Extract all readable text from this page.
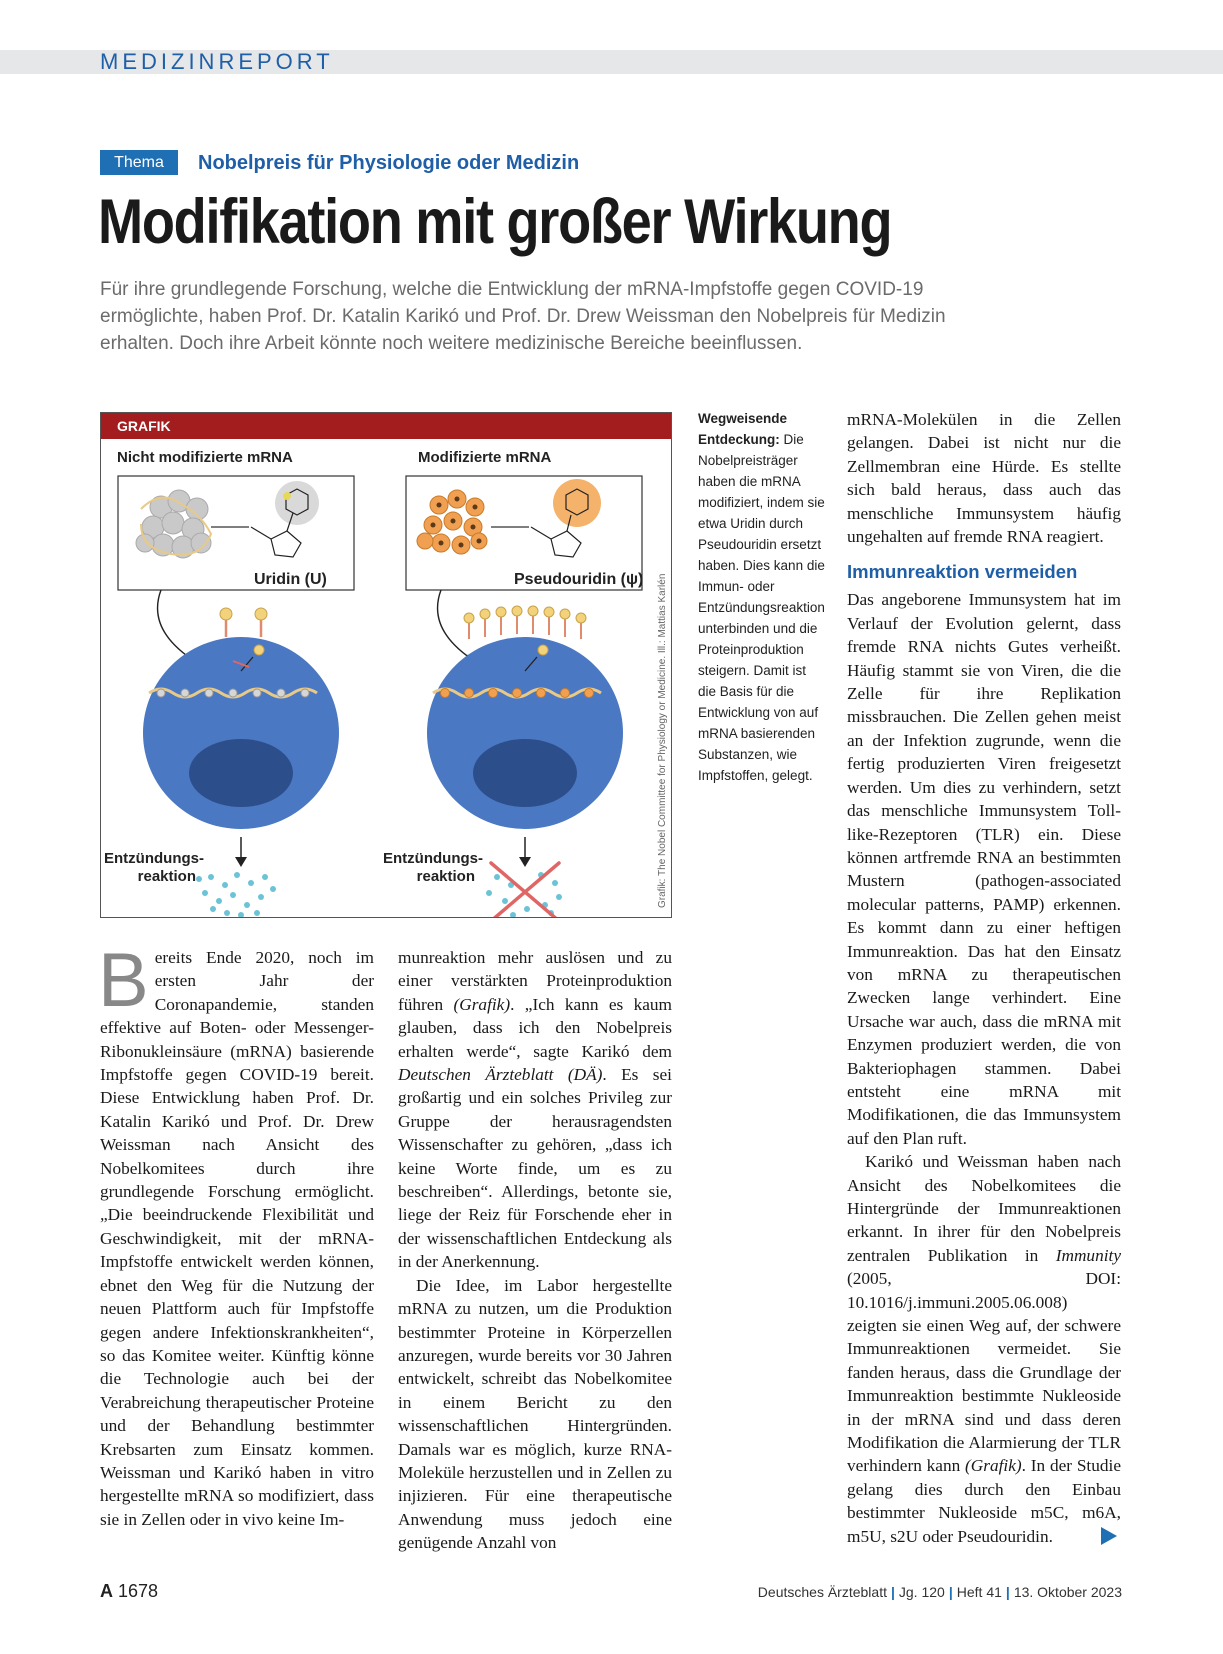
MEDIZINREPORT
Thema	Nobelpreis für Physiologie oder Medizin
Modifikation mit großer Wirkung

Für ihre grundlegende Forschung, welche die Entwicklung der mRNA-Impfstoffe gegen COVID-19 ermöglichte, haben Prof. Dr. Katalin Karikó und Prof. Dr. Drew Weissman den Nobelpreis für Medizin erhalten. Doch ihre Arbeit könnte noch weitere medizinische Bereiche beeinflussen.

GRAFIK
Nicht modifizierte mRNA	Modifizierte mRNA
Uridin (U)	Pseudouridin (ψ)
Entzündungs-
reaktion
Entzündungs-
reaktion	Grafik: The Nobel Committee for Physiology or Medicine. Ill.: Mattias Karlén
Wegweisende Entdeckung: Die Nobelpreisträger haben die mRNA modifiziert, indem sie etwa Uridin durch Pseudouridin ersetzt haben. Dies kann die Immun- oder Entzündungsreaktion unterbinden und die Proteinproduktion steigern. Damit ist die Basis für die Entwicklung von auf mRNA basierenden Substanzen, wie Impfstoffen, gelegt.
Bereits Ende 2020, noch im ersten Jahr der Coronapandemie, standen effektive auf Boten- oder Messenger-Ribonukleinsäure (mRNA) basierende Impfstoffe gegen COVID-19 bereit. Diese Entwicklung haben Prof. Dr. Katalin Karikó und Prof. Dr. Drew Weissman nach Ansicht des Nobelkomitees durch ihre grundlegende Forschung ermöglicht. „Die beeindruckende Flexibilität und Geschwindigkeit, mit der mRNA-Impfstoffe entwickelt werden können, ebnet den Weg für die Nutzung der neuen Plattform auch für Impfstoffe gegen andere Infektionskrankheiten“, so das Komitee weiter. Künftig könne die Technologie auch bei der Verabreichung therapeutischer Proteine und der Behandlung bestimmter Krebsarten zum Einsatz kommen. Weissman und Karikó haben in vitro hergestellte mRNA so modifiziert, dass sie in Zellen oder in vivo keine Im-

munreaktion mehr auslösen und zu einer verstärkten Proteinproduktion führen (Grafik). „Ich kann es kaum glauben, dass ich den Nobelpreis erhalten werde“, sagte Karikó dem Deutschen Ärzteblatt (DÄ). Es sei großartig und ein solches Privileg zur Gruppe der herausragendsten Wissenschafter zu gehören, „dass ich keine Worte finde, um es zu beschreiben“. Allerdings, betonte sie, liege der Reiz für Forschende eher in der wissenschaftlichen Entdeckung als in der Anerkennung.

Die Idee, im Labor hergestellte mRNA zu nutzen, um die Produktion bestimmter Proteine in Körperzellen anzuregen, wurde bereits vor 30 Jahren entwickelt, schreibt das Nobelkomitee in einem Bericht zu den wissenschaftlichen Hintergründen. Damals war es möglich, kurze RNA-Moleküle herzustellen und in Zellen zu injizieren. Für eine therapeutische Anwendung muss jedoch eine genügende Anzahl von

mRNA-Molekülen in die Zellen gelangen. Dabei ist nicht nur die Zellmembran eine Hürde. Es stellte sich bald heraus, dass auch das menschliche Immunsystem häufig ungehalten auf fremde RNA reagiert.

Immunreaktion vermeiden

Das angeborene Immunsystem hat im Verlauf der Evolution gelernt, dass fremde RNA nichts Gutes verheißt. Häufig stammt sie von Viren, die die Zelle für ihre Replikation missbrauchen. Die Zellen gehen meist an der Infektion zugrunde, wenn die fertig produzierten Viren freigesetzt werden. Um dies zu verhindern, setzt das menschliche Immunsystem Toll-like-Rezeptoren (TLR) ein. Diese können artfremde RNA an bestimmten Mustern (pathogen-associated molecular patterns, PAMP) erkennen. Es kommt dann zu einer heftigen Immunreaktion. Das hat den Einsatz von mRNA zu therapeutischen Zwecken lange verhindert. Eine Ursache war auch, dass die mRNA mit Enzymen produziert werden, die von Bakteriophagen stammen. Dabei entsteht eine mRNA mit Modifikationen, die das Immunsystem auf den Plan ruft.

Karikó und Weissman haben nach Ansicht des Nobelkomitees die Hintergründe der Immunreaktionen erkannt. In ihrer für den Nobelpreis zentralen Publikation in Immunity (2005, DOI: 10.1016/j.immuni.2005.06.008) zeigten sie einen Weg auf, der schwere Immunreaktionen vermeidet. Sie fanden heraus, dass die Grundlage der Immunreaktion bestimmte Nukleoside in der mRNA sind und dass deren Modifikation die Alarmierung der TLR verhindern kann (Grafik). In der Studie gelang dies durch den Einbau bestimmter Nukleoside m5C, m6A, m5U, s2U oder Pseudouridin.

A 1678	Deutsches Ärzteblatt | Jg. 120 | Heft 41 | 13. Oktober 2023
